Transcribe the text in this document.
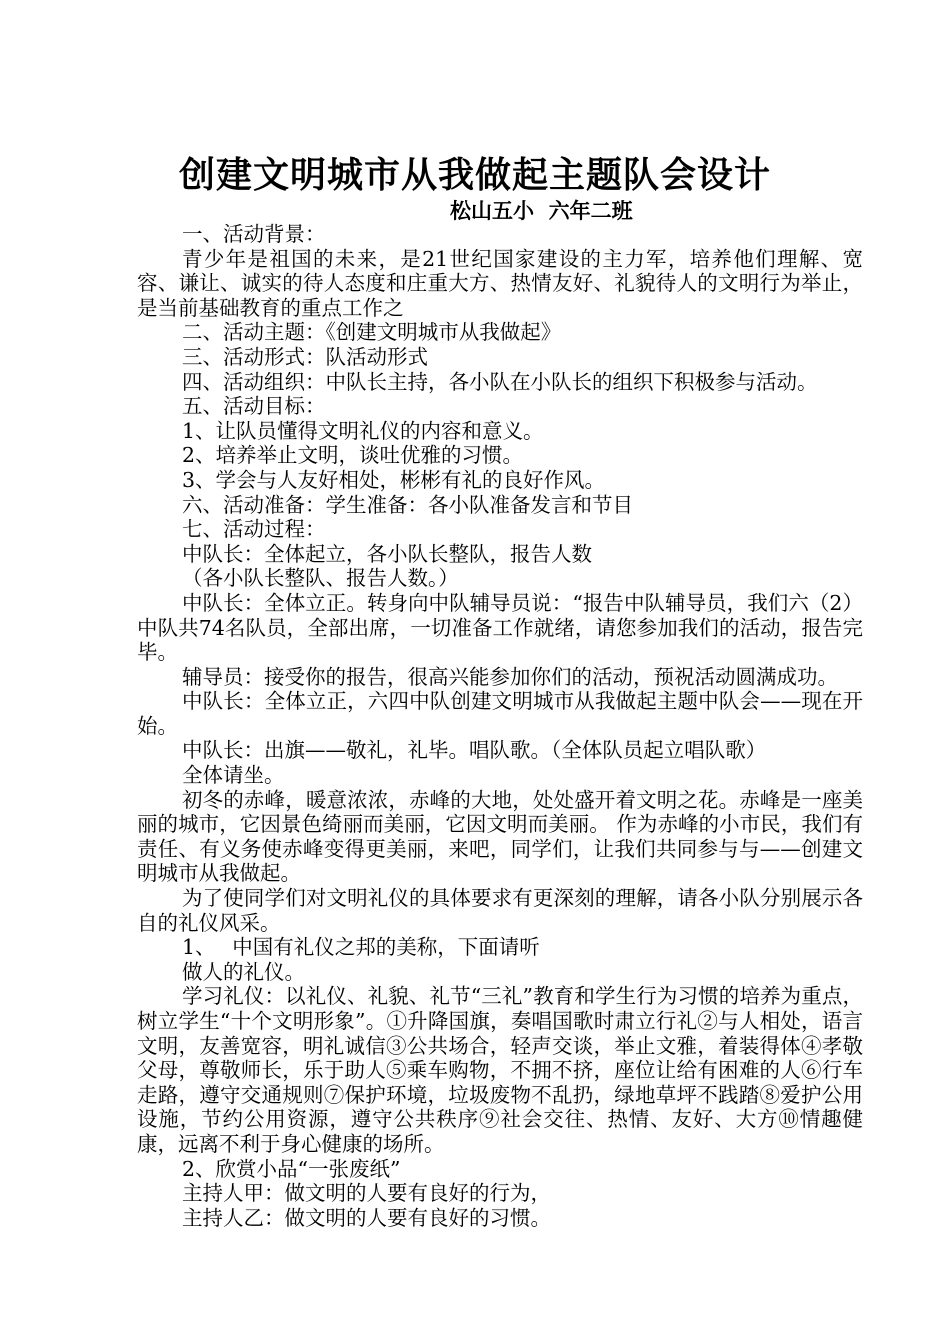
创建文明城市从我做起主题队会设计
松山五小  六年二班

一、活动背景：

青少年是祖国的未来，是21世纪国家建设的主力军，培养他们理解、宽容、谦让、诚实的待人态度和庄重大方、热情友好、礼貌待人的文明行为举止，是当前基础教育的重点工作之

二、活动主题：《创建文明城市从我做起》

三、活动形式：队活动形式

四、活动组织：中队长主持，各小队在小队长的组织下积极参与活动。

五、活动目标：

1、让队员懂得文明礼仪的内容和意义。

2、培养举止文明，谈吐优雅的习惯。

3、学会与人友好相处，彬彬有礼的良好作风。

六、活动准备：学生准备：各小队准备发言和节目

七、活动过程：

中队长：全体起立，各小队长整队，报告人数

（各小队长整队、报告人数。）

中队长：全体立正。转身向中队辅导员说：“报告中队辅导员，我们六（2）中队共74名队员，全部出席，一切准备工作就绪，请您参加我们的活动，报告完毕。

辅导员：接受你的报告，很高兴能参加你们的活动，预祝活动圆满成功。

中队长：全体立正，六四中队创建文明城市从我做起主题中队会——现在开始。

中队长：出旗——敬礼，礼毕。唱队歌。（全体队员起立唱队歌）

全体请坐。

初冬的赤峰，暖意浓浓，赤峰的大地，处处盛开着文明之花。赤峰是一座美丽的城市，它因景色绮丽而美丽，它因文明而美丽。 作为赤峰的小市民，我们有责任、有义务使赤峰变得更美丽，来吧，同学们，让我们共同参与与——创建文明城市从我做起。

为了使同学们对文明礼仪的具体要求有更深刻的理解，请各小队分别展示各自的礼仪风采。

1、　 中国有礼仪之邦的美称，下面请听

做人的礼仪。

学习礼仪：以礼仪、礼貌、礼节“三礼”教育和学生行为习惯的培养为重点，树立学生“十个文明形象”。①升降国旗，奏唱国歌时肃立行礼②与人相处，语言文明，友善宽容，明礼诚信③公共场合，轻声交谈，举止文雅，着装得体④孝敬父母，尊敬师长，乐于助人⑤乘车购物，不拥不挤，座位让给有困难的人⑥行车走路，遵守交通规则⑦保护环境，垃圾废物不乱扔，绿地草坪不践踏⑧爱护公用设施，节约公用资源，遵守公共秩序⑨社会交往、热情、友好、大方⑩情趣健康，远离不利于身心健康的场所。

2、欣赏小品“一张废纸”

主持人甲：做文明的人要有良好的行为，

主持人乙：做文明的人要有良好的习惯。
